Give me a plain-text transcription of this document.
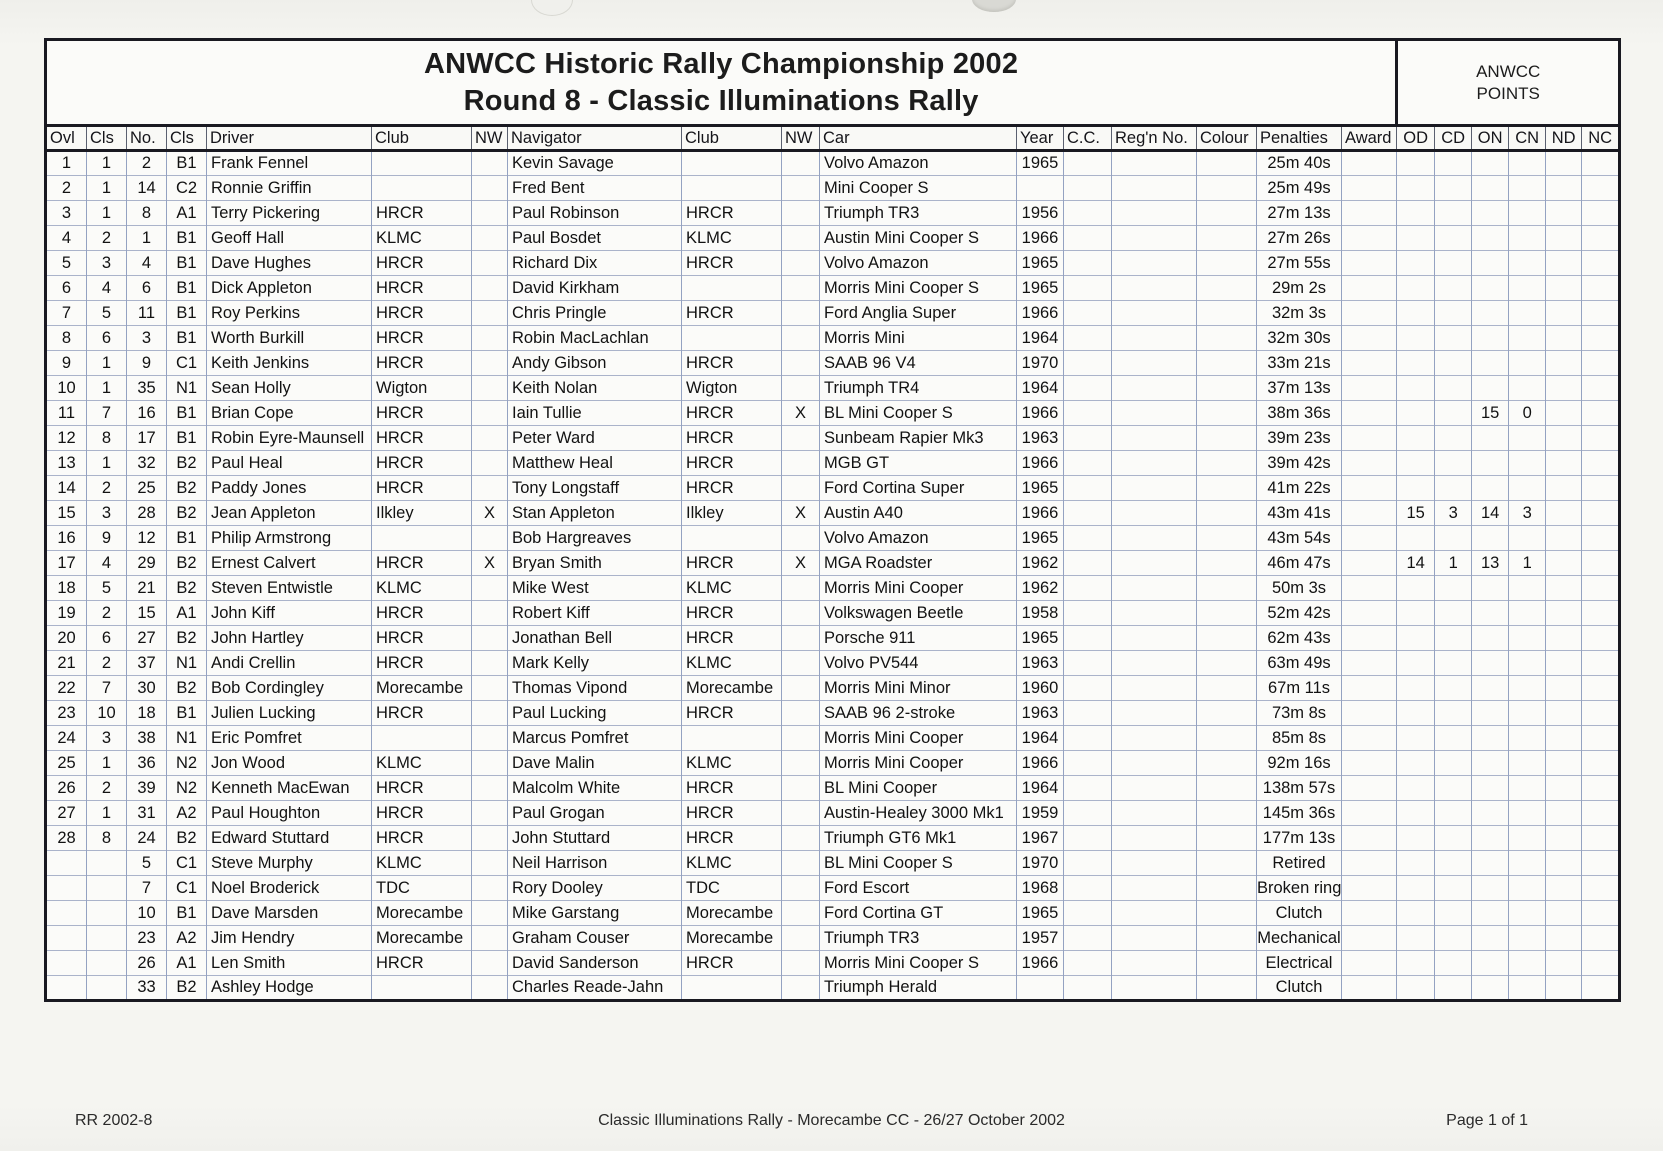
ANWCC Historic Rally Championship 2002
Round 8 - Classic Illuminations Rally

ANWCC
POINTS

Ovl	Cls	No.	Cls	Driver	Club	NW	Navigator	Club	NW	Car	Year	C.C.	Reg'n No.	Colour	Penalties	Award	OD	CD	ON	CN	ND	NC
1	1	2	B1	Frank Fennel			Kevin Savage			Volvo Amazon	1965				25m 40s							
2	1	14	C2	Ronnie Griffin			Fred Bent			Mini Cooper S					25m 49s							
3	1	8	A1	Terry Pickering	HRCR		Paul Robinson	HRCR		Triumph TR3	1956				27m 13s							
4	2	1	B1	Geoff Hall	KLMC		Paul Bosdet	KLMC		Austin Mini Cooper S	1966				27m 26s							
5	3	4	B1	Dave Hughes	HRCR		Richard Dix	HRCR		Volvo Amazon	1965				27m 55s							
6	4	6	B1	Dick Appleton	HRCR		David Kirkham			Morris Mini Cooper S	1965				29m 2s							
7	5	11	B1	Roy Perkins	HRCR		Chris Pringle	HRCR		Ford Anglia Super	1966				32m 3s							
8	6	3	B1	Worth Burkill	HRCR		Robin MacLachlan			Morris Mini	1964				32m 30s							
9	1	9	C1	Keith Jenkins	HRCR		Andy Gibson	HRCR		SAAB 96 V4	1970				33m 21s							
10	1	35	N1	Sean Holly	Wigton		Keith Nolan	Wigton		Triumph TR4	1964				37m 13s							
11	7	16	B1	Brian Cope	HRCR		Iain Tullie	HRCR	X	BL Mini Cooper S	1966				38m 36s				15	0		
12	8	17	B1	Robin Eyre-Maunsell	HRCR		Peter Ward	HRCR		Sunbeam Rapier Mk3	1963				39m 23s							
13	1	32	B2	Paul Heal	HRCR		Matthew Heal	HRCR		MGB GT	1966				39m 42s							
14	2	25	B2	Paddy Jones	HRCR		Tony Longstaff	HRCR		Ford Cortina Super	1965				41m 22s							
15	3	28	B2	Jean Appleton	Ilkley	X	Stan Appleton	Ilkley	X	Austin A40	1966				43m 41s		15	3	14	3		
16	9	12	B1	Philip Armstrong			Bob Hargreaves			Volvo Amazon	1965				43m 54s							
17	4	29	B2	Ernest Calvert	HRCR	X	Bryan Smith	HRCR	X	MGA Roadster	1962				46m 47s		14	1	13	1		
18	5	21	B2	Steven Entwistle	KLMC		Mike West	KLMC		Morris Mini Cooper	1962				50m 3s							
19	2	15	A1	John Kiff	HRCR		Robert Kiff	HRCR		Volkswagen Beetle	1958				52m 42s							
20	6	27	B2	John Hartley	HRCR		Jonathan Bell	HRCR		Porsche 911	1965				62m 43s							
21	2	37	N1	Andi Crellin	HRCR		Mark Kelly	KLMC		Volvo PV544	1963				63m 49s							
22	7	30	B2	Bob Cordingley	Morecambe		Thomas Vipond	Morecambe		Morris Mini Minor	1960				67m 11s							
23	10	18	B1	Julien Lucking	HRCR		Paul Lucking	HRCR		SAAB 96 2-stroke	1963				73m 8s							
24	3	38	N1	Eric Pomfret			Marcus Pomfret			Morris Mini Cooper	1964				85m 8s							
25	1	36	N2	Jon Wood	KLMC		Dave Malin	KLMC		Morris Mini Cooper	1966				92m 16s							
26	2	39	N2	Kenneth MacEwan	HRCR		Malcolm White	HRCR		BL Mini Cooper	1964				138m 57s							
27	1	31	A2	Paul Houghton	HRCR		Paul Grogan	HRCR		Austin-Healey 3000 Mk1	1959				145m 36s							
28	8	24	B2	Edward Stuttard	HRCR		John Stuttard	HRCR		Triumph GT6 Mk1	1967				177m 13s							
		5	C1	Steve Murphy	KLMC		Neil Harrison	KLMC		BL Mini Cooper S	1970				Retired							
		7	C1	Noel Broderick	TDC		Rory Dooley	TDC		Ford Escort	1968				Broken ring							
		10	B1	Dave Marsden	Morecambe		Mike Garstang	Morecambe		Ford Cortina GT	1965				Clutch							
		23	A2	Jim Hendry	Morecambe		Graham Couser	Morecambe		Triumph TR3	1957				Mechanical							
		26	A1	Len Smith	HRCR		David Sanderson	HRCR		Morris Mini Cooper S	1966				Electrical							
		33	B2	Ashley Hodge			Charles Reade-Jahn			Triumph Herald					Clutch							
RR 2002-8	Classic Illuminations Rally - Morecambe CC - 26/27 October 2002	Page 1 of 1
